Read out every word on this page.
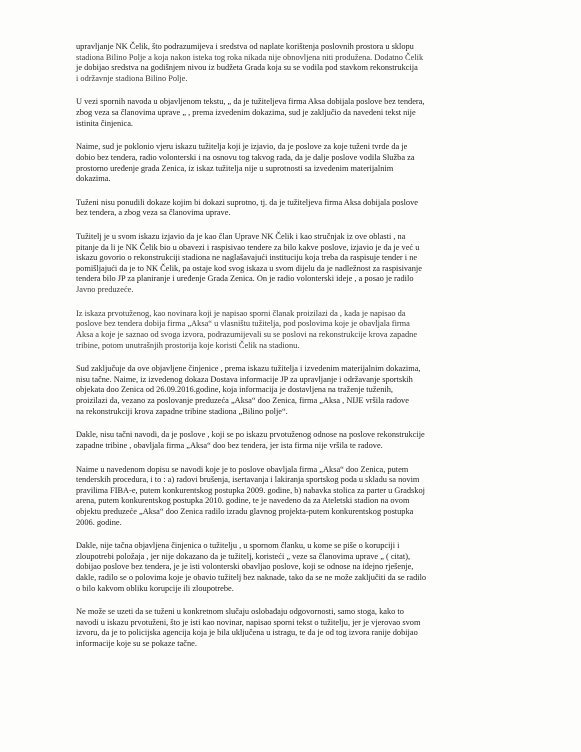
upravljanje NK Čelik, što podrazumijeva i sredstva od naplate korištenja poslovnih prostora u sklopu
stadiona Bilino Polje a koja nakon isteka tog roka nikada nije obnovljena niti produžena. Dodatno Čelik
je dobijao sredstva na godišnjem nivou iz budžeta Grada koja su se vodila pod stavkom rekonstrukcija
i održavnje stadiona Bilino Polje.

U vezi spornih navoda u objavljenom tekstu, „ da je tužiteljeva firma Aksa dobijala poslove bez tendera,
zbog veza sa članovima uprave „ , prema izvedenim dokazima, sud je zaključio da navedeni tekst nije
istinita činjenica.

Naime, sud je poklonio vjeru iskazu tužitelja koji je izjavio, da je poslove za koje tuženi tvrde da je
dobio bez tendera, radio volonterski i na osnovu tog takvog rada, da je dalje poslove vodila Služba za
prostorno uređenje grada Zenica, iz iskaz tužitelja nije u suprotnosti sa izvedenim materijalnim
dokazima.

Tuženi nisu ponudili dokaze kojim bi dokazi suprotno, tj. da je tužiteljeva firma Aksa dobijala poslove
bez tendera, a zbog veza sa članovima uprave.

Tužitelj je u svom iskazu izjavio da je kao član Uprave NK Čelik i kao stručnjak iz ove oblasti , na
pitanje da li je NK Čelik bio u obavezi i raspisivao tendere za bilo kakve poslove, izjavio je da je već u
iskazu govorio o rekonstrukciji stadiona ne naglašavajući instituciju koja treba da raspisuje tender i ne
pomišljajući da je to NK Čelik, pa ostaje kod svog iskaza u svom dijelu da je nadležnost za raspisivanje
tendera bilo JP za planiranje i uređenje Grada Zenica. On je radio volonterski ideje , a posao je radilo
Javno preduzeće.

Iz iskaza prvotuženog, kao novinara koji je napisao sporni članak proizilazi da , kada je napisao da
poslove bez tendera dobija firma „Aksa“ u vlasništu tužitelja, pod poslovima koje je obavljala firma
Aksa a koje je saznao od svoga izvora, podrazumijevali su se poslovi na rekonstrukcije krova zapadne
tribine, potom unutrašnjih prostorija koje koristi Čelik na stadionu.

Sud zaključuje da ove objavljene činjenice , prema iskazu tužitelja i izvedenim materijalnim dokazima,
nisu tačne. Naime, iz izvedenog dokaza Dostava informacije JP za upravljanje i održavanje sportskih
objekata doo Zenica od 26.09.2016.godine, koja informacija je dostavljena na traženje tuženih,
proizilazi da, vezano za poslovanje preduzeća „Aksa“ doo Zenica, firma „Aksa , NIJE vršila radove
na rekonstrukciji krova zapadne tribine stadiona „Bilino polje“.

Dakle, nisu tačni navodi, da je poslove , koji se po iskazu prvotuženog odnose na poslove rekonstrukcije
zapadne tribine , obavljala firma „Aksa“ doo bez tendera, jer ista firma nije vršila te radove.

Naime u navedenom dopisu se navodi koje je to poslove obavljala firma „Aksa“ doo Zenica, putem
tenderskih procedura, i to : a) radovi brušenja, isertavanja i lakiranja sportskog poda u skladu sa novim
pravilima FIBA-e, putem konkurentskog postupka 2009. godine, b) nabavka stolica za parter u Gradskoj
arena, putem konkurentskog postupka 2010. godine, te je navedeno da za Ateletski stadion na ovom
objektu preduzeće „Aksa“ doo Zenica radilo izradu glavnog projekta-putem konkurentskog postupka
2006. godine.

Dakle, nije tačna objavljena činjenica o tužitelju , u spornom članku, u kome se piše o korupciji i
zloupotrebi položaja , jer nije dokazano da je tužitelj, koristeći „ veze sa članovima uprave „ ( citat),
dobijao poslove bez tendera, je je isti volonterski obavljao poslove, koji se odnose na idejno rješenje,
dakle, radilo se o polovima koje je obavio tužitelj bez naknade, tako da se ne može zaključiti da se radilo
o bilo kakvom obliku korupcije ili zloupotrebe.

Ne može se uzeti da se tuženi u konkretnom slučaju oslobađaju odgovornosti, samo stoga, kako to
navodi u iskazu prvotuženi, što je isti kao novinar, napisao sporni tekst o tužitelju, jer je vjerovao svom
izvoru, da je to policijska agencija koja je bila uključena u istragu, te da je od tog izvora ranije dobijao
informacije koje su se pokaze tačne.
